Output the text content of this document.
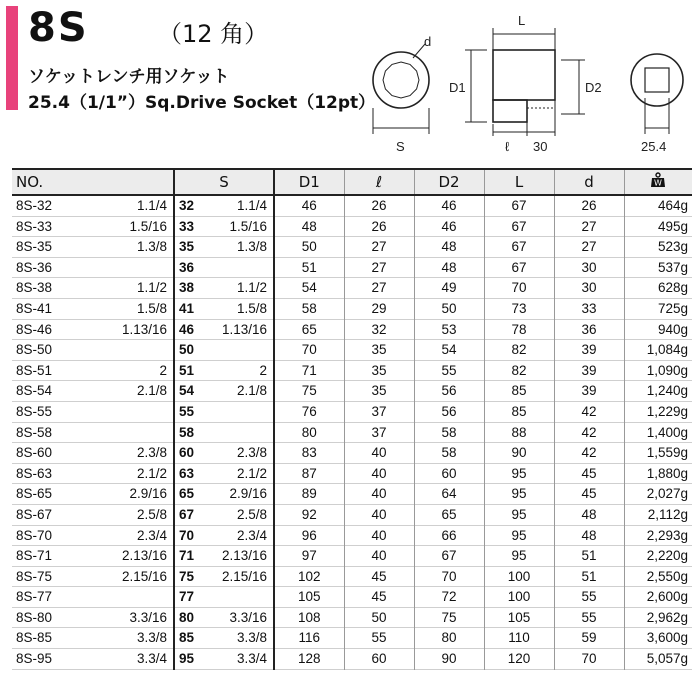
8S	（12 角）
ソケットレンチ用ソケット
25.4（1/1”）Sq.Drive Socket（12pt）
d
S
L
D1	D2
ℓ 30	25.4
NO.		S		D1	ℓ	D2	L	d	W

8S-32	1.1/4	32	1.1/4	46	26	46	67	26	464g
8S-33	1.5/16	33	1.5/16	48	26	46	67	27	495g
8S-35	1.3/8	35	1.3/8	50	27	48	67	27	523g
8S-36		36		51	27	48	67	30	537g
8S-38	1.1/2	38	1.1/2	54	27	49	70	30	628g
8S-41	1.5/8	41	1.5/8	58	29	50	73	33	725g
8S-46	1.13/16	46	1.13/16	65	32	53	78	36	940g
8S-50		50		70	35	54	82	39	1,084g
8S-51	2	51	2	71	35	55	82	39	1,090g
8S-54	2.1/8	54	2.1/8	75	35	56	85	39	1,240g
8S-55		55		76	37	56	85	42	1,229g
8S-58		58		80	37	58	88	42	1,400g
8S-60	2.3/8	60	2.3/8	83	40	58	90	42	1,559g
8S-63	2.1/2	63	2.1/2	87	40	60	95	45	1,880g
8S-65	2.9/16	65	2.9/16	89	40	64	95	45	2,027g
8S-67	2.5/8	67	2.5/8	92	40	65	95	48	2,112g
8S-70	2.3/4	70	2.3/4	96	40	66	95	48	2,293g
8S-71	2.13/16	71	2.13/16	97	40	67	95	51	2,220g
8S-75	2.15/16	75	2.15/16	102	45	70	100	51	2,550g
8S-77		77		105	45	72	100	55	2,600g
8S-80	3.3/16	80	3.3/16	108	50	75	105	55	2,962g
8S-85	3.3/8	85	3.3/8	116	55	80	110	59	3,600g
8S-95	3.3/4	95	3.3/4	128	60	90	120	70	5,057g
